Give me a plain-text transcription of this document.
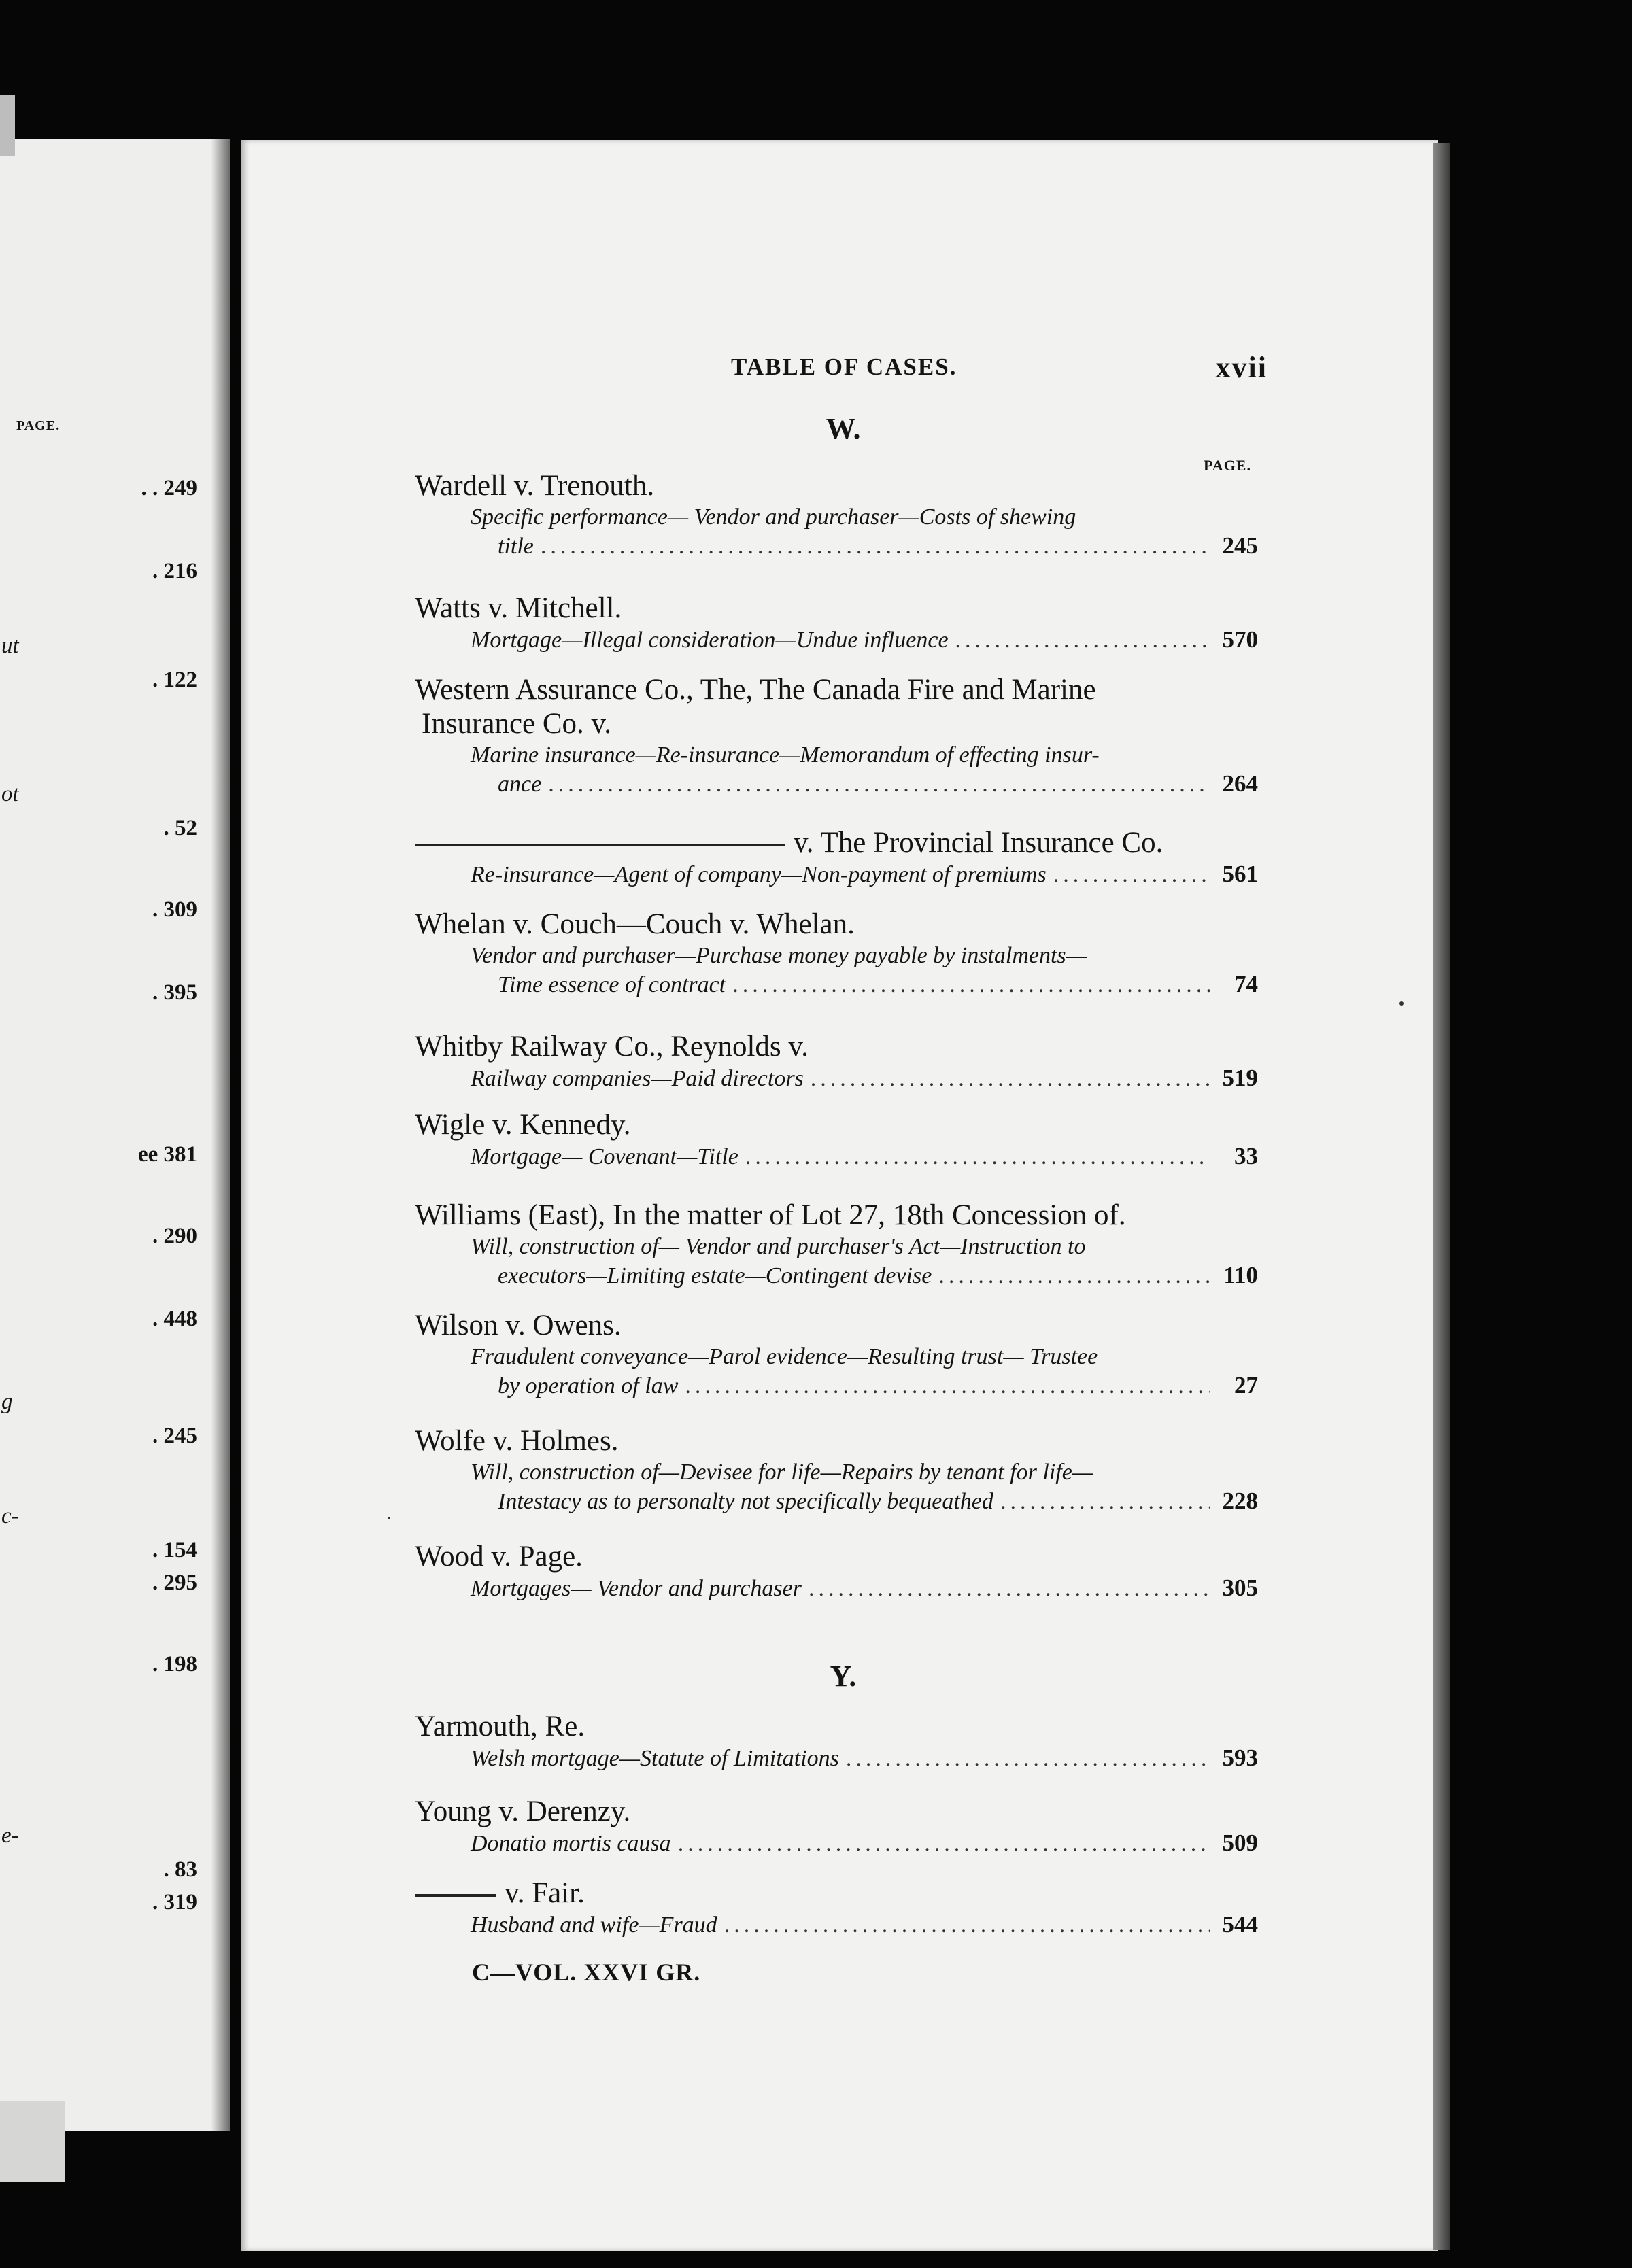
PAGE.
. . 249
. 216
ut
. 122
ot
. 52
. 309
. 395
ee 381
. 290
. 448
g
. 245
c-
. 154
. 295
. 198
e-
. 83
. 319
TABLE OF CASES.	xvii
PAGE.
W.
Wardell v. Trenouth.
Specific performance— Vendor and purchaser—Costs of shewing
title .....	245
Watts v. Mitchell.
Mortgage—Illegal consideration—Undue influence .....	570
Western Assurance Co., The, The Canada Fire and Marine
Insurance Co. v.
Marine insurance—Re-insurance—Memorandum of effecting insur-
ance .....	264
v. The Provincial Insurance Co.
Re-insurance—Agent of company—Non-payment of premiums .....	561
Whelan v. Couch—Couch v. Whelan.
Vendor and purchaser—Purchase money payable by instalments—
Time essence of contract .....	74
Whitby Railway Co., Reynolds v.
Railway companies—Paid directors .....	519
Wigle v. Kennedy.
Mortgage— Covenant—Title .....	33
Williams (East), In the matter of Lot 27, 18th Concession of.
Will, construction of— Vendor and purchaser's Act—Instruction to
executors—Limiting estate—Contingent devise .....	110
Wilson v. Owens.
Fraudulent conveyance—Parol evidence—Resulting trust— Trustee
by operation of law .....	27
Wolfe v. Holmes.
Will, construction of—Devisee for life—Repairs by tenant for life—
Intestacy as to personalty not specifically bequeathed .....	228
Wood v. Page.
Mortgages— Vendor and purchaser .....	305
Y.
Yarmouth, Re.
Welsh mortgage—Statute of Limitations .....	593
Young v. Derenzy.
Donatio mortis causa .....	509
v. Fair.
Husband and wife—Fraud .....	544
C—VOL. XXVI GR.
